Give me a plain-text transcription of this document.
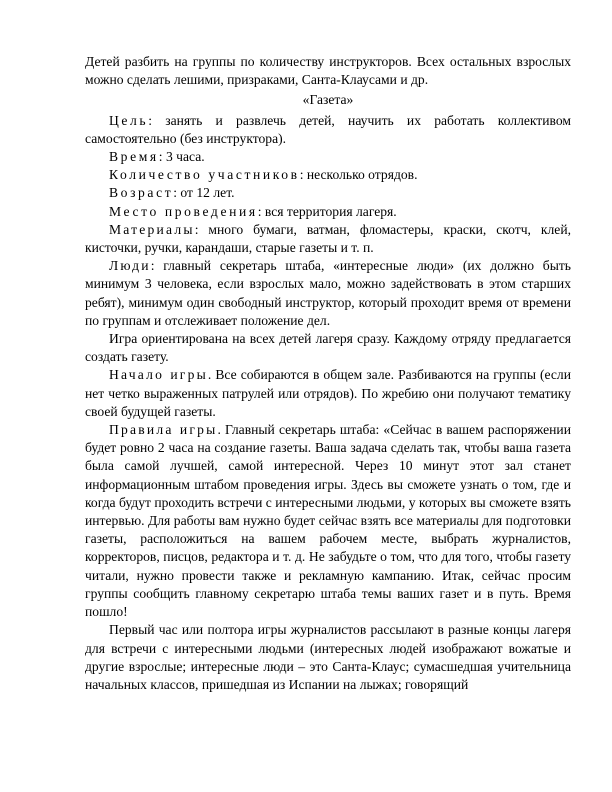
Детей разбить на группы по количеству инструкторов. Всех остальных взрослых можно сделать лешими, призраками, Санта-Клаусами и др.

«Газета»

Цель: занять и развлечь детей, научить их работать коллективом самостоятельно (без инструктора).

Время: 3 часа.

Количество участников: несколько отрядов.

Возраст: от 12 лет.

Место проведения: вся территория лагеря.

Материалы: много бумаги, ватман, фломастеры, краски, скотч, клей, кисточки, ручки, карандаши, старые газеты и т. п.

Люди: главный секретарь штаба, «интересные люди» (их должно быть минимум 3 человека, если взрослых мало, можно задействовать в этом старших ребят), минимум один свободный инструктор, который проходит время от времени по группам и отслеживает положение дел.

Игра ориентирована на всех детей лагеря сразу. Каждому отряду предлагается создать газету.

Начало игры. Все собираются в общем зале. Разбиваются на группы (если нет четко выраженных патрулей или отрядов). По жребию они получают тематику своей будущей газеты.

Правила игры. Главный секретарь штаба: «Сейчас в вашем распоряжении будет ровно 2 часа на создание газеты. Ваша задача сделать так, чтобы ваша газета была самой лучшей, самой интересной. Через 10 минут этот зал станет информационным штабом проведения игры. Здесь вы сможете узнать о том, где и когда будут проходить встречи с интересными людьми, у которых вы сможете взять интервью. Для работы вам нужно будет сейчас взять все материалы для подготовки газеты, расположиться на вашем рабочем месте, выбрать журналистов, корректоров, писцов, редактора и т. д. Не забудьте о том, что для того, чтобы газету читали, нужно провести также и рекламную кампанию. Итак, сейчас просим группы сообщить главному секретарю штаба темы ваших газет и в путь. Время пошло!

Первый час или полтора игры журналистов рассылают в разные концы лагеря для встречи с интересными людьми (интересных людей изображают вожатые и другие взрослые; интересные люди – это Санта-Клаус; сумасшедшая учительница начальных классов, пришедшая из Испании на лыжах; говорящий
